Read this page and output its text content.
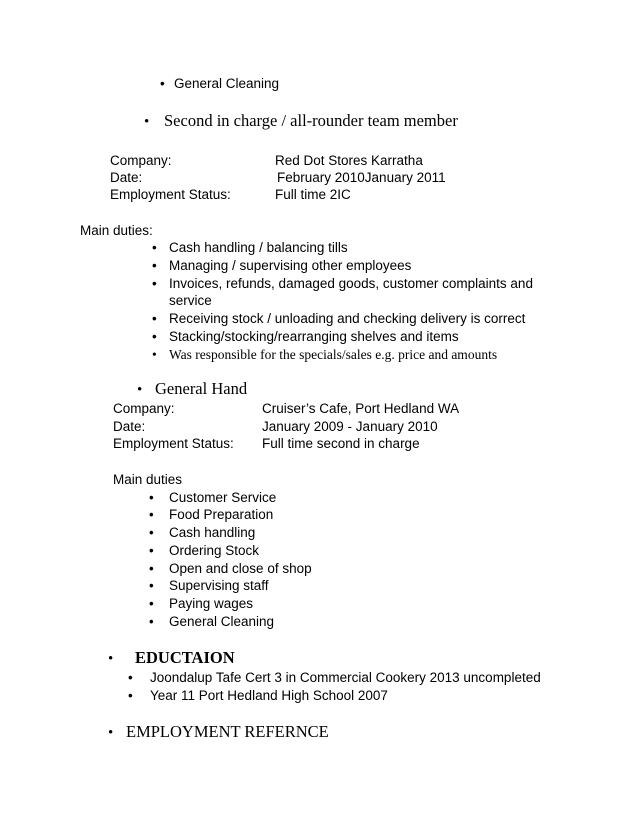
• General Cleaning
• Second in charge / all-rounder team member
Company:	Red Dot Stores Karratha
Date:	February 2010January 2011
Employment Status:	Full time 2IC
Main duties:
• Cash handling / balancing tills
• Managing / supervising other employees
• Invoices, refunds, damaged goods, customer complaints and
service
• Receiving stock / unloading and checking delivery is correct
• Stacking/stocking/rearranging shelves and items
• Was responsible for the specials/sales e.g. price and amounts
• General Hand
Company:	Cruiser’s Cafe, Port Hedland WA
Date:	January 2009 - January 2010
Employment Status: Full time second in charge
Main duties
• Customer Service
• Food Preparation
• Cash handling
• Ordering Stock
• Open and close of shop
• Supervising staff
• Paying wages
• General Cleaning
• EDUCTAION
• Joondalup Tafe Cert 3 in Commercial Cookery 2013 uncompleted
• Year 11 Port Hedland High School 2007
• EMPLOYMENT REFERNCE
